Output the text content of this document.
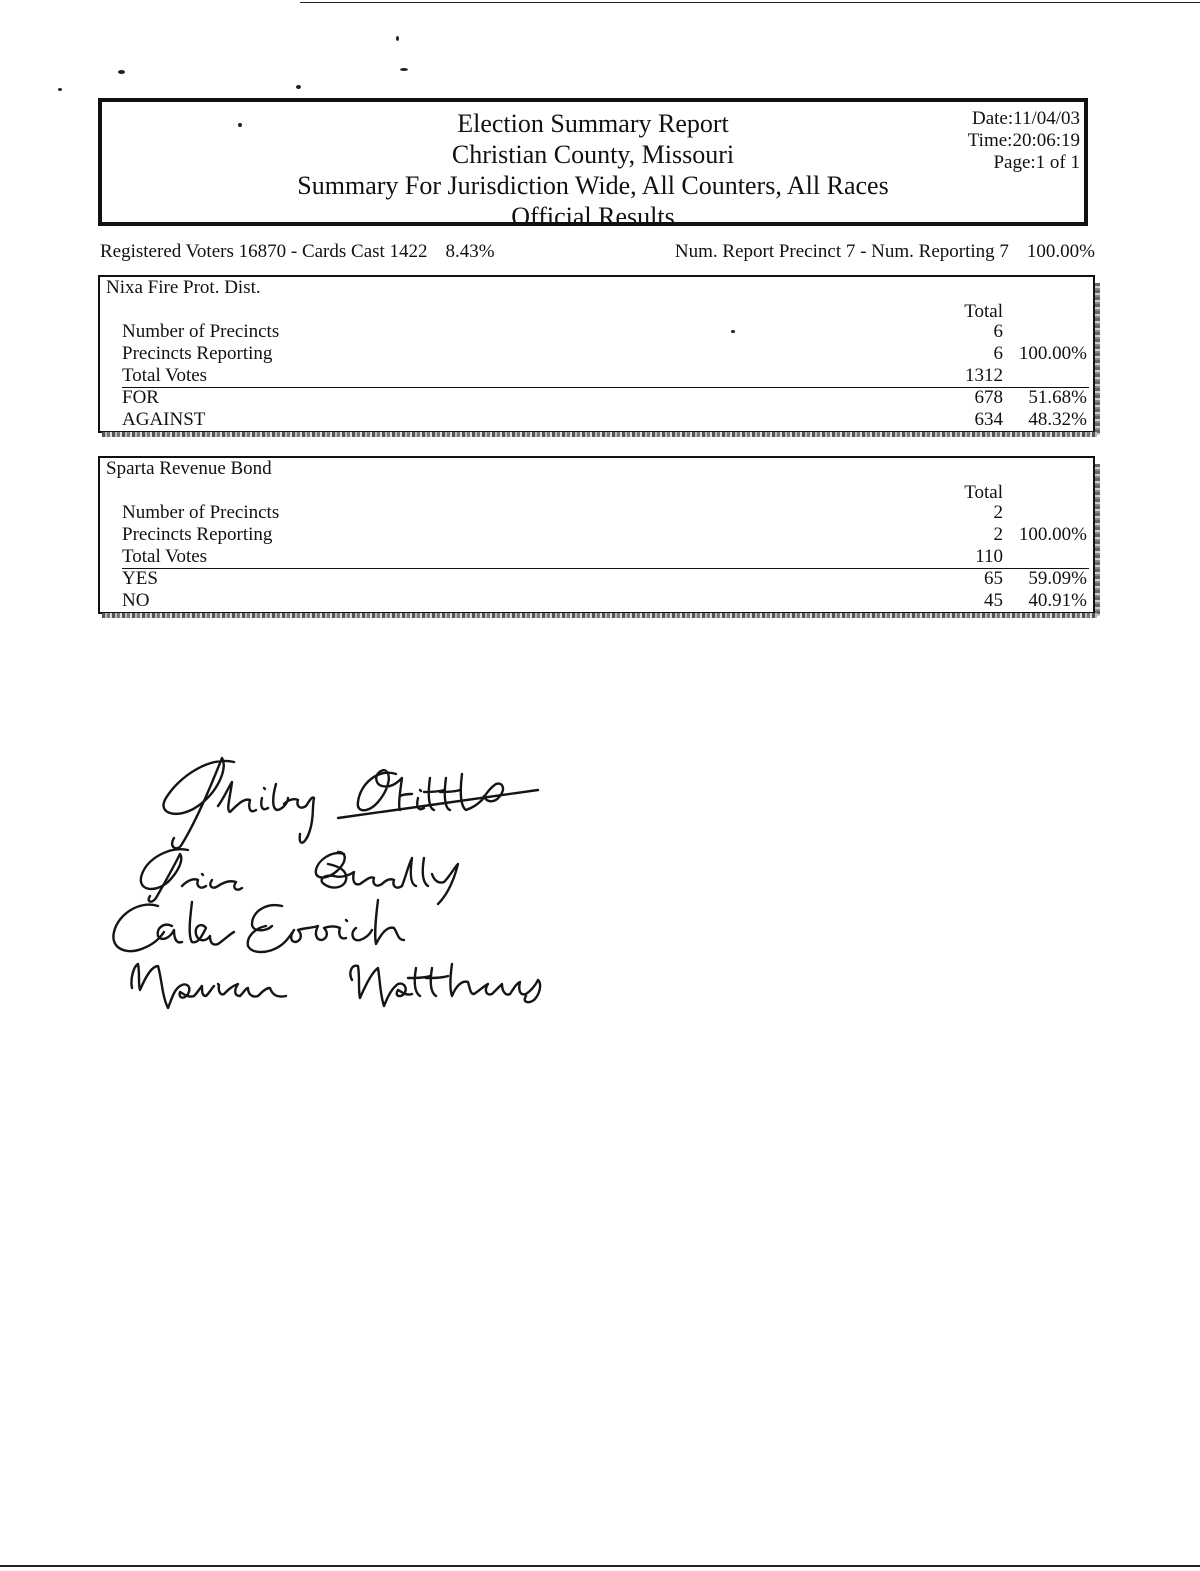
Election Summary Report
Christian County, Missouri
Summary For Jurisdiction Wide, All Counters, All Races
Official Results
Date:11/04/03
Time:20:06:19
Page:1 of 1
Registered Voters 16870 - Cards Cast 1422 8.43%	Num. Report Precinct 7 - Num. Reporting 7 100.00%
Nixa Fire Prot. Dist.
Total
Number of Precincts	6
Precincts Reporting	6 100.00%
Total Votes	1312
FOR	678 51.68%
AGAINST	634 48.32%
Sparta Revenue Bond
Total
Number of Precincts	2
Precincts Reporting	2 100.00%
Total Votes	110
YES	65 59.09%
NO	45 40.91%
